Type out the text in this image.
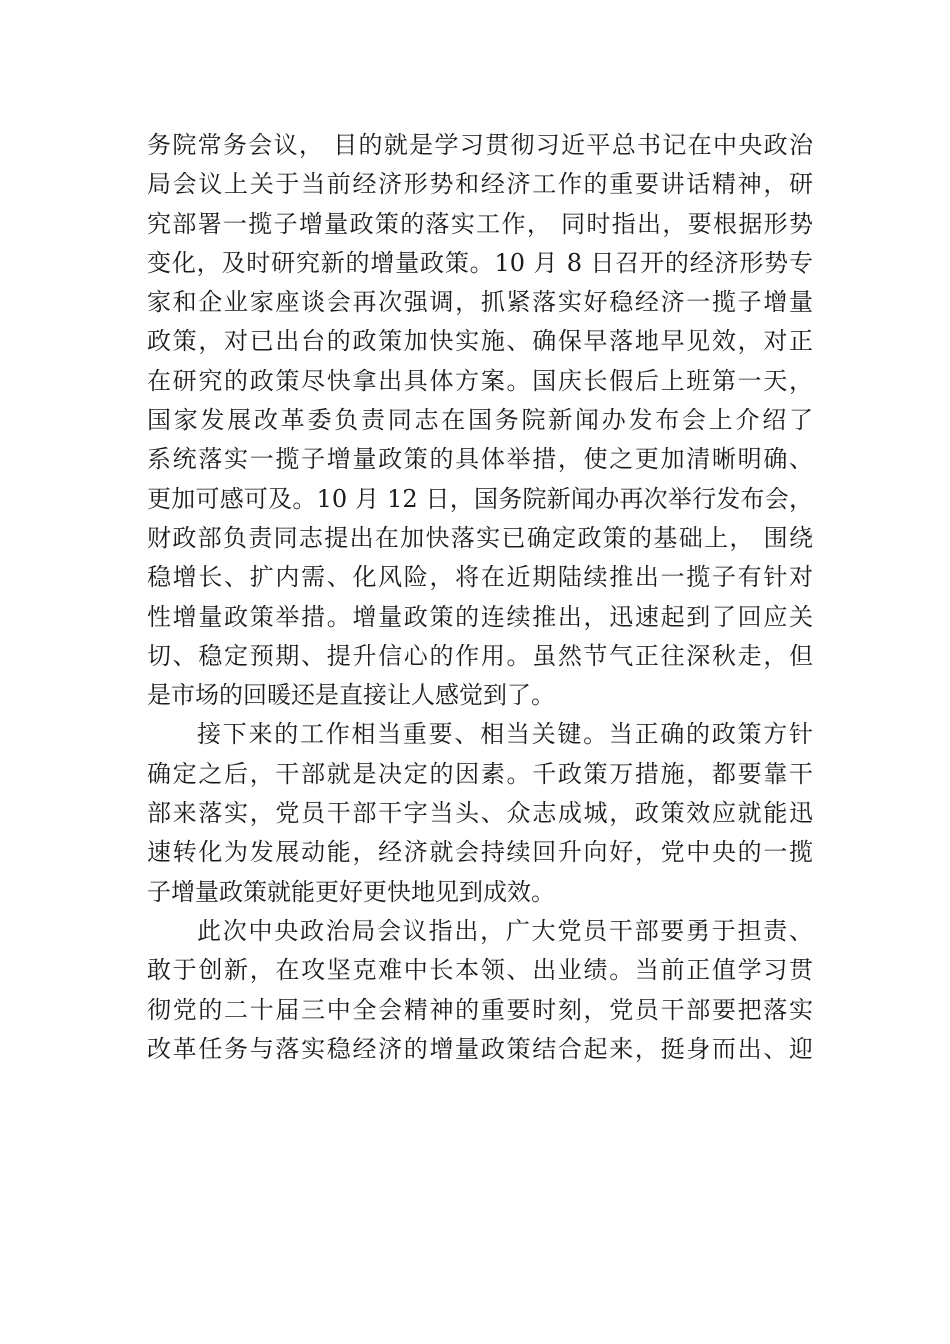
务院常务会议， 目的就是学习贯彻习近平总书记在中央政治
局会议上关于当前经济形势和经济工作的重要讲话精神，研
究部署一揽子增量政策的落实工作， 同时指出，要根据形势
变化，及时研究新的增量政策。10 月 8 日召开的经济形势专
家和企业家座谈会再次强调，抓紧落实好稳经济一揽子增量
政策，对已出台的政策加快实施、确保早落地早见效，对正
在研究的政策尽快拿出具体方案。国庆长假后上班第一天，
国家发展改革委负责同志在国务院新闻办发布会上介绍了
系统落实一揽子增量政策的具体举措，使之更加清晰明确、
更加可感可及。10 月 12 日，国务院新闻办再次举行发布会，
财政部负责同志提出在加快落实已确定政策的基础上， 围绕
稳增长、扩内需、化风险，将在近期陆续推出一揽子有针对
性增量政策举措。增量政策的连续推出，迅速起到了回应关
切、稳定预期、提升信心的作用。虽然节气正往深秋走，但
是市场的回暖还是直接让人感觉到了。
接下来的工作相当重要、相当关键。当正确的政策方针
确定之后，干部就是决定的因素。千政策万措施，都要靠干
部来落实，党员干部干字当头、众志成城，政策效应就能迅
速转化为发展动能，经济就会持续回升向好，党中央的一揽
子增量政策就能更好更快地见到成效。
此次中央政治局会议指出，广大党员干部要勇于担责、
敢于创新，在攻坚克难中长本领、出业绩。当前正值学习贯
彻党的二十届三中全会精神的重要时刻，党员干部要把落实
改革任务与落实稳经济的增量政策结合起来，挺身而出、迎
